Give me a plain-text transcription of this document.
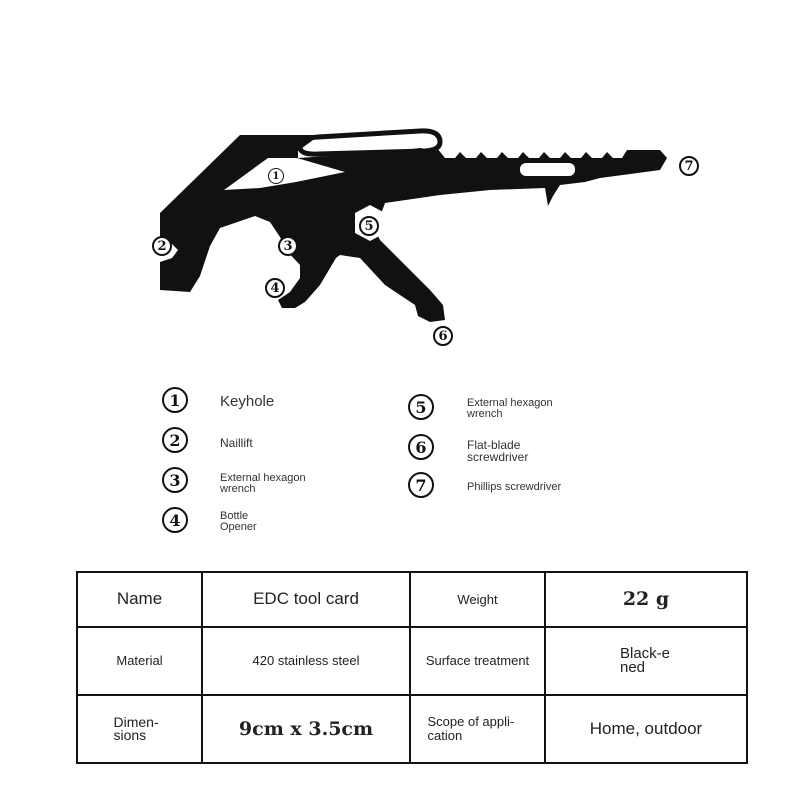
1
2	3
4
5
6
7
1	Keyhole
2	Naillift
3	External hexagon wrench
4	Bottle Opener
5	External hexagon wrench
6	Flat-blade screwdriver
7	Phillips screwdriver
Name	EDC tool card	Weight	22 g
Material	420 stainless steel	Surface treatment	Black-ened
Dimen-sions	9cm x 3.5cm	Scope of appli-cation	Home, outdoor
